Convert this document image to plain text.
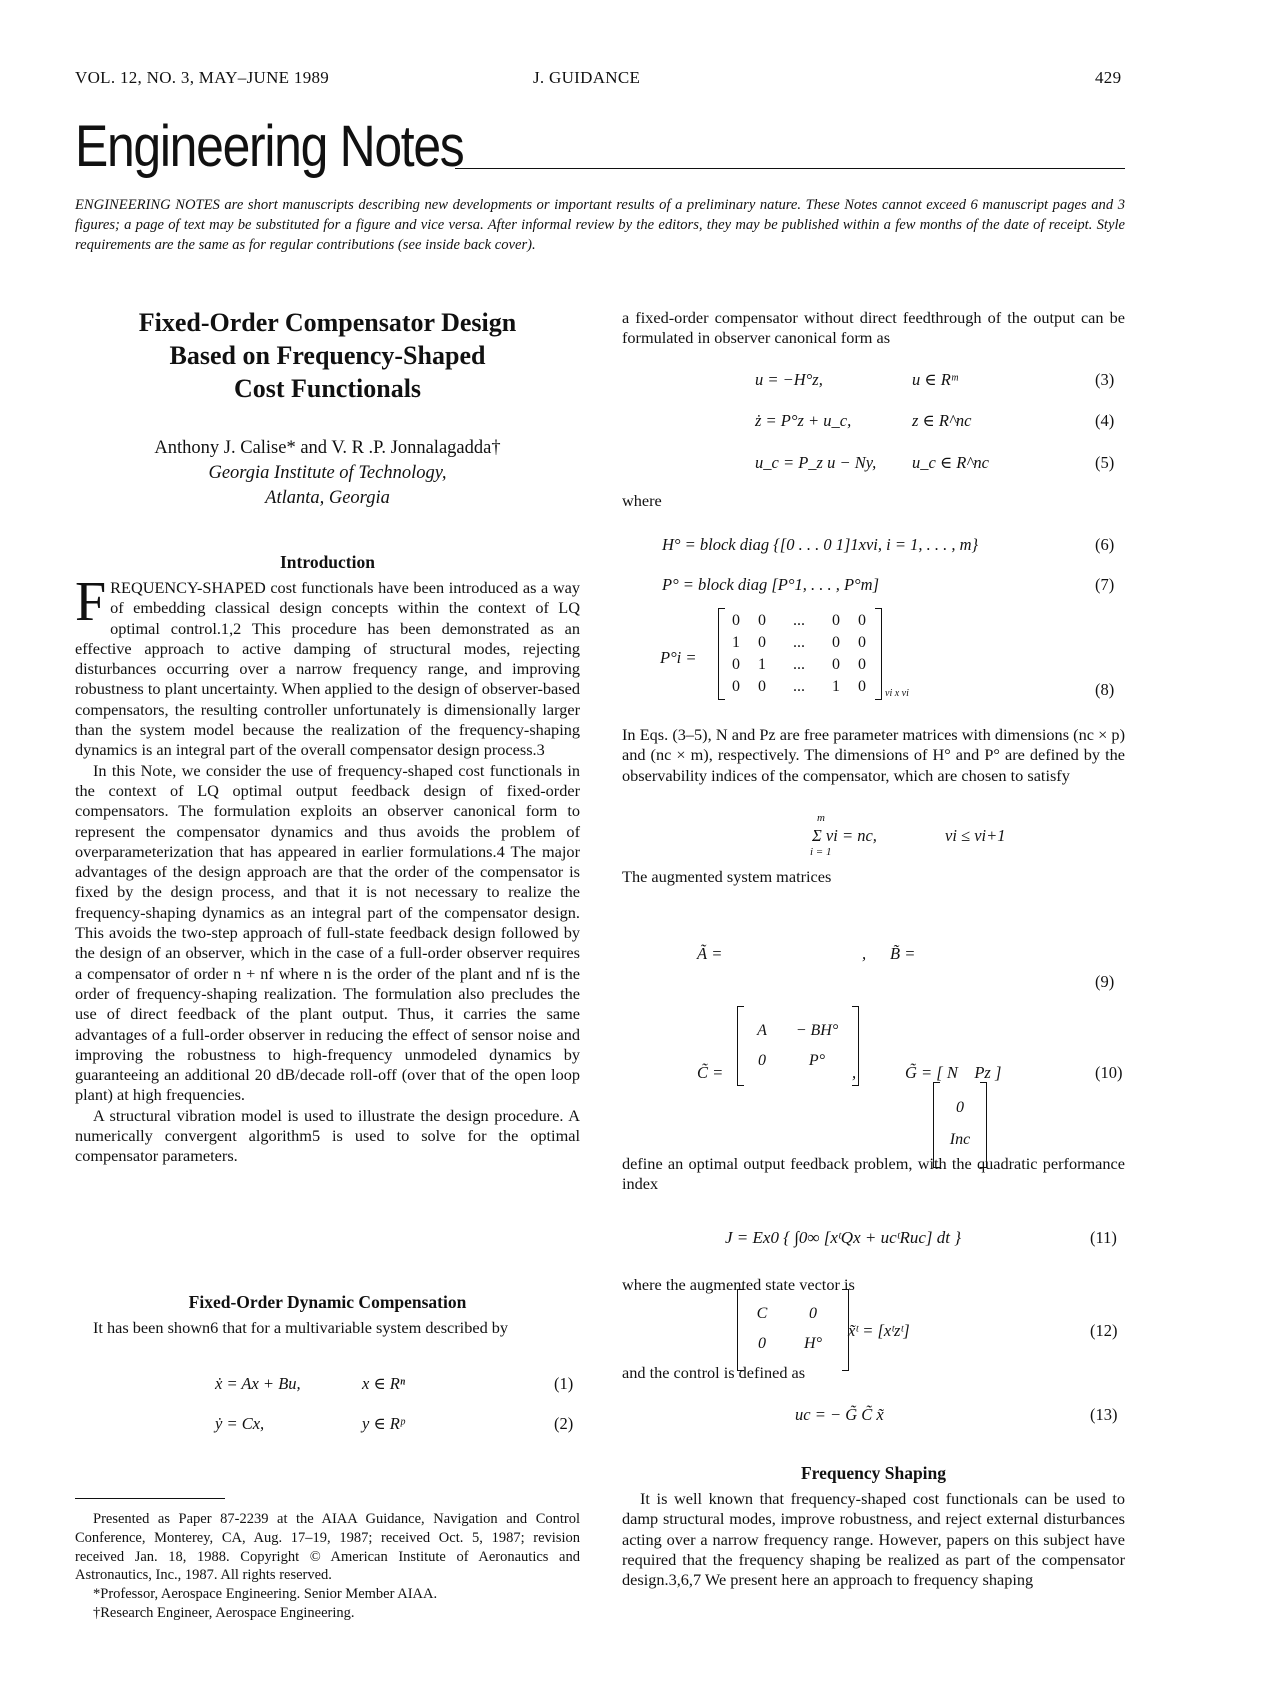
VOL. 12, NO. 3, MAY–JUNE 1989	J. GUIDANCE	429
Engineering Notes
ENGINEERING NOTES are short manuscripts describing new developments or important results of a preliminary nature. These Notes cannot exceed 6 manuscript pages and 3 figures; a page of text may be substituted for a figure and vice versa. After informal review by the editors, they may be published within a few months of the date of receipt. Style requirements are the same as for regular contributions (see inside back cover).
Fixed-Order Compensator Design
Based on Frequency-Shaped
Cost Functionals
Anthony J. Calise* and V. R .P. Jonnalagadda†
Georgia Institute of Technology,
Atlanta, Georgia
Introduction

FREQUENCY-SHAPED cost functionals have been introduced as a way of embedding classical design concepts within the context of LQ optimal control.1,2 This procedure has been demonstrated as an effective approach to active damping of structural modes, rejecting disturbances occurring over a narrow frequency range, and improving robustness to plant uncertainty. When applied to the design of observer-based compensators, the resulting controller unfortunately is dimensionally larger than the system model because the realization of the frequency-shaping dynamics is an integral part of the overall compensator design process.3

In this Note, we consider the use of frequency-shaped cost functionals in the context of LQ optimal output feedback design of fixed-order compensators. The formulation exploits an observer canonical form to represent the compensator dynamics and thus avoids the problem of overparameterization that has appeared in earlier formulations.4 The major advantages of the design approach are that the order of the compensator is fixed by the design process, and that it is not necessary to realize the frequency-shaping dynamics as an integral part of the compensator design. This avoids the two-step approach of full-state feedback design followed by the design of an observer, which in the case of a full-order observer requires a compensator of order n + nf where n is the order of the plant and nf is the order of frequency-shaping realization. The formulation also precludes the use of direct feedback of the plant output. Thus, it carries the same advantages of a full-order observer in reducing the effect of sensor noise and improving the robustness to high-frequency unmodeled dynamics by guaranteeing an additional 20 dB/decade roll-off (over that of the open loop plant) at high frequencies.

A structural vibration model is used to illustrate the design procedure. A numerically convergent algorithm5 is used to solve for the optimal compensator parameters.

Fixed-Order Dynamic Compensation

It has been shown6 that for a multivariable system described by

ẋ = Ax + Bu,	x ∈ Rⁿ	(1)
ẏ = Cx,	y ∈ Rᵖ	(2)
Presented as Paper 87-2239 at the AIAA Guidance, Navigation and Control Conference, Monterey, CA, Aug. 17–19, 1987; received Oct. 5, 1987; revision received Jan. 18, 1988. Copyright © American Institute of Aeronautics and Astronautics, Inc., 1987. All rights reserved.
*Professor, Aerospace Engineering. Senior Member AIAA.
†Research Engineer, Aerospace Engineering.
a fixed-order compensator without direct feedthrough of the output can be formulated in observer canonical form as
u = −H°z,	u ∈ Rᵐ	(3)
ż = P°z + u_c,	z ∈ R^nc	(4)
u_c = P_z u − Ny, u_c ∈ R^nc	(5)
where
H° = block diag {[0 . . . 0 1]1xνi, i = 1, . . . , m}	(6)
P° = block diag [P°1, . . . , P°m]	(7)
P°i =
0	0	...	0	0
1	0	...	0	0
0	1	...	0	0
0	0	...	1	0	νi x νi	(8)
In Eqs. (3–5), N and Pz are free parameter matrices with dimensions (nc × p) and (nc × m), respectively. The dimensions of H° and P° are defined by the observability indices of the compensator, which are chosen to satisfy
m
Σ νi = nc,
i = 1
νi ≤ νi+1
The augmented system matrices
Ã =
A	− BH°
0	P°
, B̃ =
0
Inc
(9)
C̃ =
C	0
0	H°
,	G̃ = [ N    Pz ]	(10)
define an optimal output feedback problem, with the quadratic performance index
J = Ex0 { ∫0∞ [xᵗQx + ucᵗRuc] dt }	(11)
where the augmented state vector is
x̃ᵗ = [xᵗzᵗ]	(12)
and the control is defined as
uc = − G̃ C̃ x̃	(13)
Frequency Shaping

It is well known that frequency-shaped cost functionals can be used to damp structural modes, improve robustness, and reject external disturbances acting over a narrow frequency range. However, papers on this subject have required that the frequency shaping be realized as part of the compensator design.3,6,7 We present here an approach to frequency shaping
